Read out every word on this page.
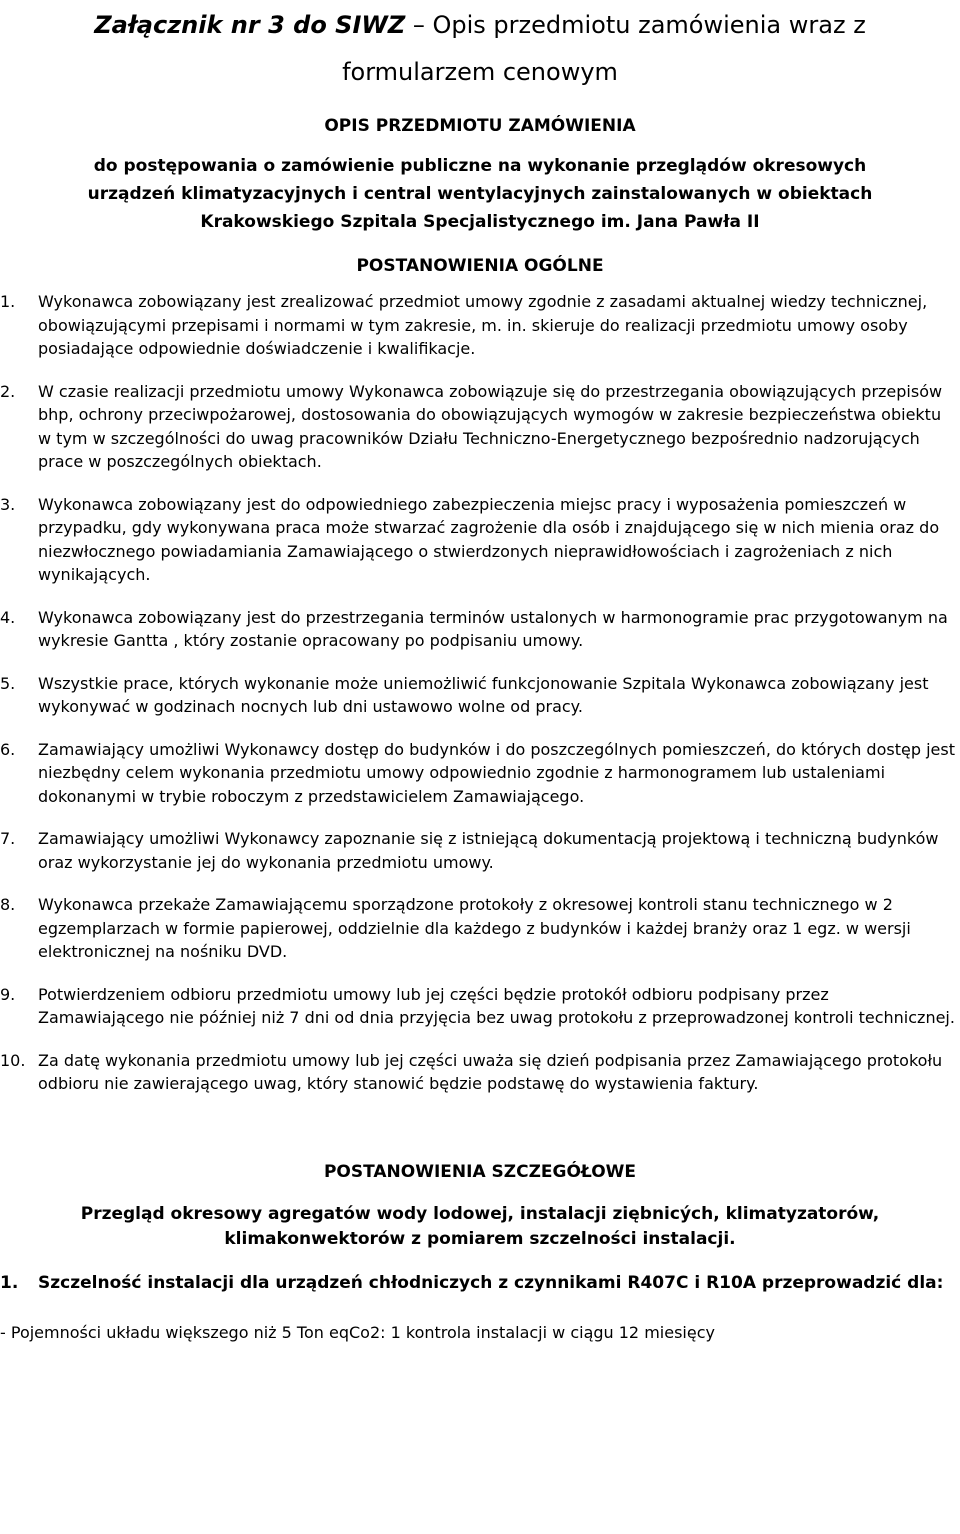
Załącznik nr 3 do SIWZ – Opis przedmiotu zamówienia wraz z

formularzem cenowym

OPIS PRZEDMIOTU ZAMÓWIENIA

do postępowania o zamówienie publiczne na wykonanie przeglądów okresowych

urządzeń klimatyzacyjnych i central wentylacyjnych zainstalowanych w obiektach

Krakowskiego Szpitala Specjalistycznego im. Jana Pawła II

POSTANOWIENIA OGÓLNE

1. Wykonawca zobowiązany jest zrealizować przedmiot umowy zgodnie z zasadami aktualnej wiedzy technicznej, obowiązującymi przepisami i normami w tym zakresie, m. in. skieruje do realizacji przedmiotu umowy osoby posiadające odpowiednie doświadczenie i kwalifikacje.
2. W czasie realizacji przedmiotu umowy Wykonawca zobowiązuje się do przestrzegania obowiązujących przepisów bhp, ochrony przeciwpożarowej, dostosowania do obowiązujących wymogów w zakresie bezpieczeństwa obiektu w tym w szczególności do uwag pracowników Działu Techniczno-Energetycznego bezpośrednio nadzorujących prace w poszczególnych obiektach.
3. Wykonawca zobowiązany jest do odpowiedniego zabezpieczenia miejsc pracy i wyposażenia pomieszczeń w przypadku, gdy wykonywana praca może stwarzać zagrożenie dla osób i znajdującego się w nich mienia oraz do niezwłocznego powiadamiania Zamawiającego o stwierdzonych nieprawidłowościach i zagrożeniach z nich wynikających.
4. Wykonawca zobowiązany jest do przestrzegania terminów ustalonych w harmonogramie prac przygotowanym na wykresie Gantta , który zostanie opracowany po podpisaniu umowy.
5. Wszystkie prace, których wykonanie może uniemożliwić funkcjonowanie Szpitala Wykonawca zobowiązany jest wykonywać w godzinach nocnych lub dni ustawowo wolne od pracy.
6. Zamawiający umożliwi Wykonawcy dostęp do budynków i do poszczególnych pomieszczeń, do których dostęp jest niezbędny celem wykonania przedmiotu umowy odpowiednio zgodnie z harmonogramem lub ustaleniami dokonanymi w trybie roboczym z przedstawicielem Zamawiającego.
7. Zamawiający umożliwi Wykonawcy zapoznanie się z istniejącą dokumentacją projektową i techniczną budynków oraz wykorzystanie jej do wykonania przedmiotu umowy.
8. Wykonawca przekaże Zamawiającemu sporządzone protokoły z okresowej kontroli stanu technicznego w 2 egzemplarzach w formie papierowej, oddzielnie dla każdego z budynków i każdej branży oraz 1 egz. w wersji elektronicznej na nośniku DVD.
9. Potwierdzeniem odbioru przedmiotu umowy lub jej części będzie protokół odbioru podpisany przez Zamawiającego nie później niż 7 dni od dnia przyjęcia bez uwag protokołu z przeprowadzonej kontroli technicznej.
10. Za datę wykonania przedmiotu umowy lub jej części uważa się dzień podpisania przez Zamawiającego protokołu odbioru nie zawierającego uwag, który stanowić będzie podstawę do wystawienia faktury.

POSTANOWIENIA SZCZEGÓŁOWE

Przegląd okresowy agregatów wody lodowej, instalacji ziębnicých, klimatyzatorów,

klimakonwektorów z pomiarem szczelności instalacji.

1. Szczelność instalacji dla urządzeń chłodniczych z czynnikami R407C i R10A przeprowadzić dla:

- Pojemności układu większego niż 5 Ton eqCo2: 1 kontrola instalacji w ciągu 12 miesięcy
